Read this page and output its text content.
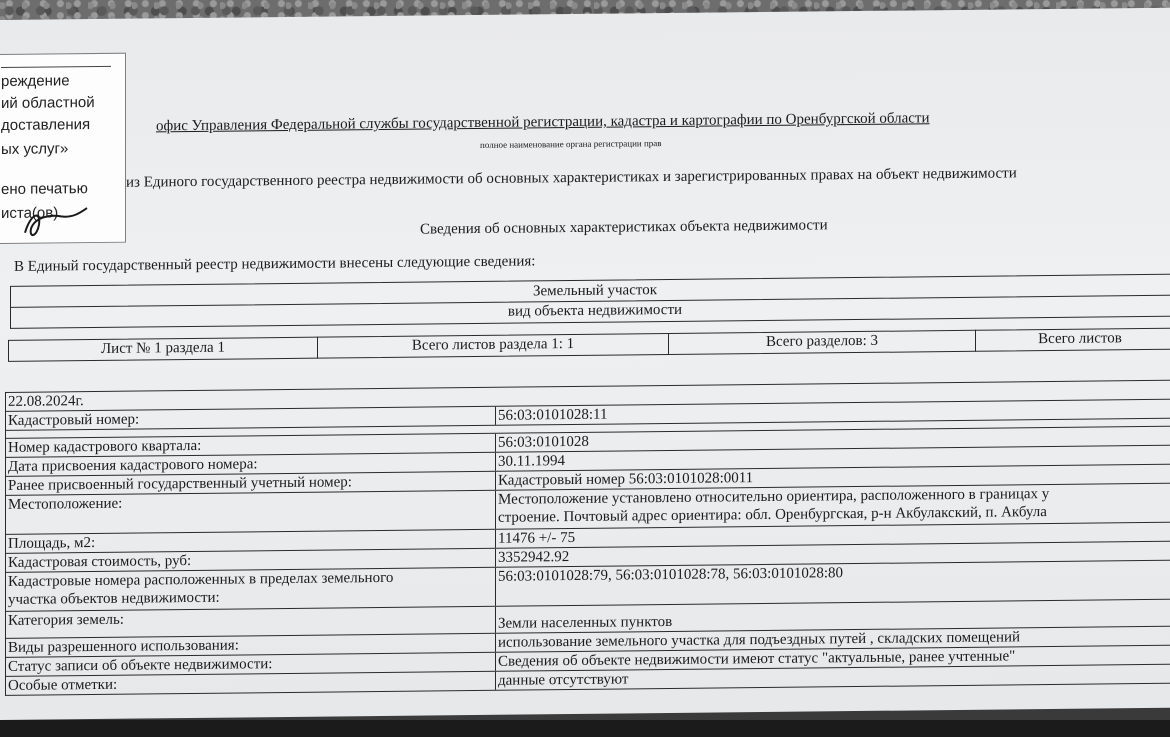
реждение
ий областной
доставления
ых услуг»
ено печатью
иста(ов)
офис Управления Федеральной службы государственной регистрации, кадастра и картографии по Оренбургской области
полное наименование органа регистрации прав
из Единого государственного реестра недвижимости об основных характеристиках и зарегистрированных правах на объект недвижимости
Сведения об основных характеристиках объекта недвижимости
В Единый государственный реестр недвижимости внесены следующие сведения:
Земельный участок
вид объекта недвижимости
Лист № 1 раздела 1	Всего листов раздела 1: 1	Всего разделов: 3	Всего листов
22.08.2024г.
Кадастровый номер:	56:03:0101028:11
Номер кадастрового квартала:	56:03:0101028
Дата присвоения кадастрового номера:	30.11.1994
Ранее присвоенный государственный учетный номер:	Кадастровый номер 56:03:0101028:0011
Местоположение:	Местоположение установлено относительно ориентира, расположенного в границах у
строение. Почтовый адрес ориентира: обл. Оренбургская, р-н Акбулакский, п. Акбула
Площадь, м2:	11476 +/- 75
Кадастровая стоимость, руб:	3352942.92
Кадастровые номера расположенных в пределах земельного
участка объектов недвижимости:
56:03:0101028:79, 56:03:0101028:78, 56:03:0101028:80
Категория земель:	Земли населенных пунктов
Виды разрешенного использования:	использование земельного участка для подъездных путей , складских помещений
Статус записи об объекте недвижимости:	Сведения об объекте недвижимости имеют статус "актуальные, ранее учтенные"
Особые отметки:	данные отсутствуют
